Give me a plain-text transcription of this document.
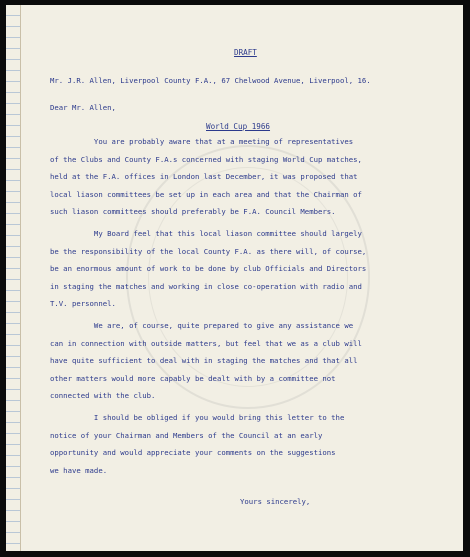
DRAFT
Mr. J.R. Allen, Liverpool County F.A., 67 Chelwood Avenue, Liverpool, 16.
Dear Mr. Allen,
World Cup 1966
You are probably aware that at a meeting of representatives
of the Clubs and County F.A.s concerned with staging World Cup matches,
held at the F.A. offices in London last December, it was proposed that
local liason committees be set up in each area and that the Chairman of
such liason committees should preferably be F.A. Council Members.
My Board feel that this local liason committee should largely
be the responsibility of the local County F.A. as there will, of course,
be an enormous amount of work to be done by club Officials and Directors
in staging the matches and working in close co-operation with radio and
T.V. personnel.
We are, of course, quite prepared to give any assistance we
can in connection with outside matters, but feel that we as a club will
have quite sufficient to deal with in staging the matches and that all
other matters would more capably be dealt with by a committee not
connected with the club.
I should be obliged if you would bring this letter to the
notice of your Chairman and Members of the Council at an early
opportunity and would appreciate your comments on the suggestions
we have made.
Yours sincerely,
